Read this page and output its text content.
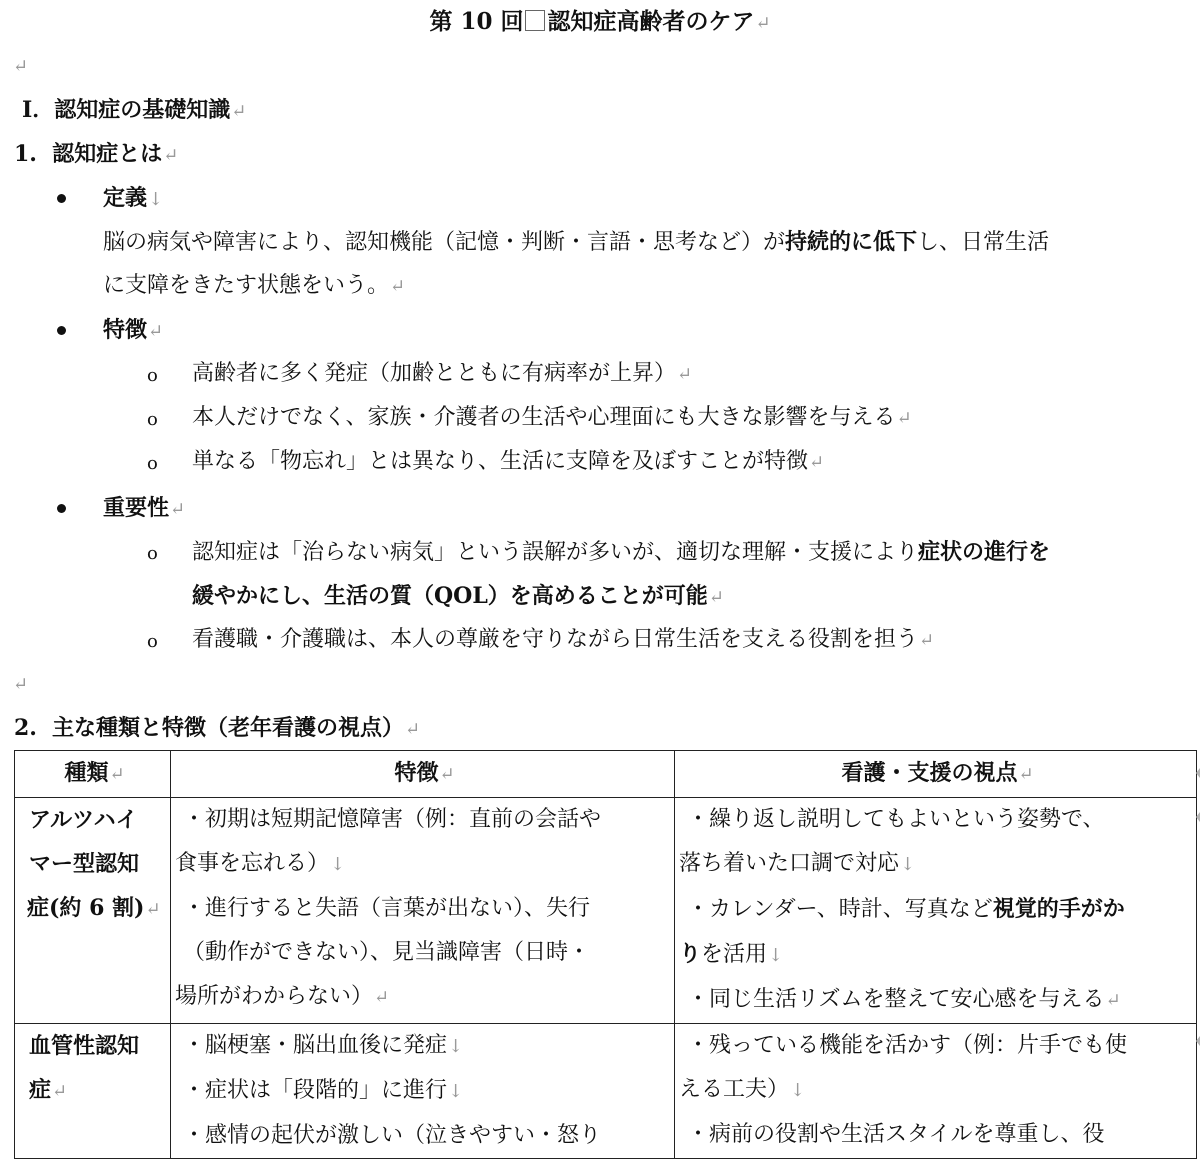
第 10 回 認知症高齢者のケア↵
↵
Ⅰ．認知症の基礎知識↵
1.  認知症とは↵
定義↓
脳の病気や障害により、認知機能（記憶・判断・言語・思考など）が持続的に低下し、日常生活
に支障をきたす状態をいう。↵
特徴↵
o 高齢者に多く発症（加齢とともに有病率が上昇）↵
o 本人だけでなく、家族・介護者の生活や心理面にも大きな影響を与える↵
o 単なる「物忘れ」とは異なり、生活に支障を及ぼすことが特徴↵
重要性↵
o 認知症は「治らない病気」という誤解が多いが、適切な理解・支援により症状の進行を
緩やかにし、生活の質（QOL）を高めることが可能↵
o 看護職・介護職は、本人の尊厳を守りながら日常生活を支える役割を担う↵
↵
2. 主な種類と特徴（老年看護の視点）↵
種類↵	特徴↵	看護・支援の視点↵

アルツハイ
マー型認知
症(約 6 割)↵	・初期は短期記憶障害（例：直前の会話や
食事を忘れる）↓
・進行すると失語（言葉が出ない）、失行
（動作ができない）、見当識障害（日時・
場所がわからない）↵	・繰り返し説明してもよいという姿勢で、
落ち着いた口調で対応↓
・カレンダー、時計、写真など視覚的手がか
りを活用↓
・同じ生活リズムを整えて安心感を与える↵

血管性認知
症↵	・脳梗塞・脳出血後に発症↓
・症状は「段階的」に進行↓
・感情の起伏が激しい（泣きやすい・怒り	・残っている機能を活かす（例：片手でも使
える工夫）↓
・病前の役割や生活スタイルを尊重し、役
